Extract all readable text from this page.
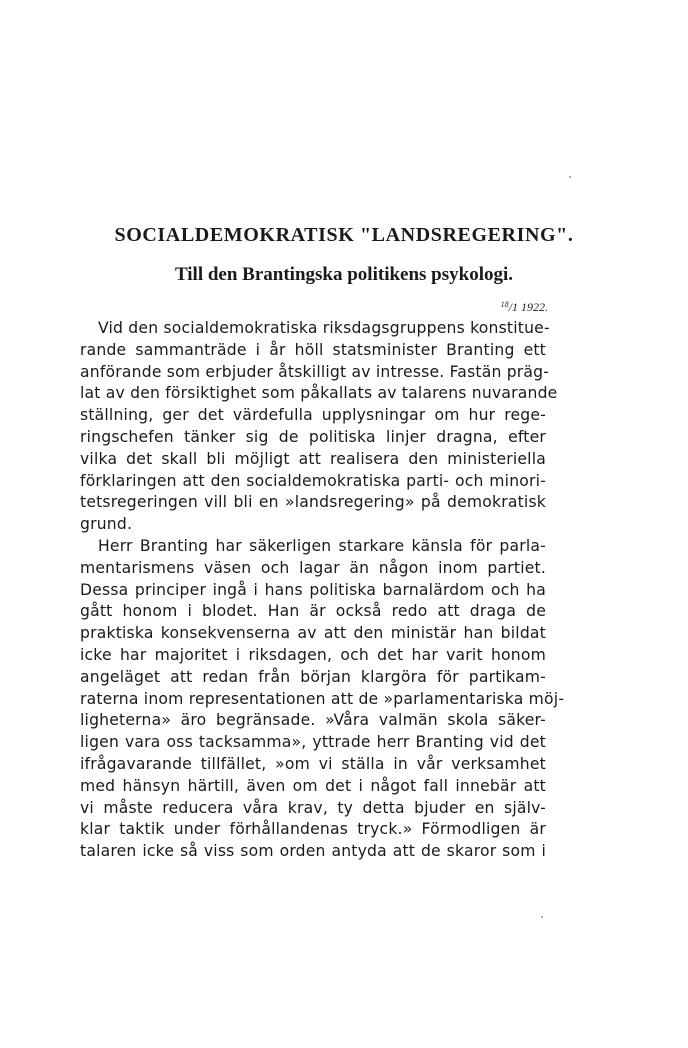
SOCIALDEMOKRATISK "LANDSREGERING".
Till den Brantingska politikens psykologi.

$^{18}$/1 1922.

Vid den socialdemokratiska riksdagsgruppens konstitue-
rande sammanträde i år höll statsminister Branting ett
anförande som erbjuder åtskilligt av intresse. Fastän präg-
lat av den försiktighet som påkallats av talarens nuvarande
ställning, ger det värdefulla upplysningar om hur rege-
ringschefen tänker sig de politiska linjer dragna, efter
vilka det skall bli möjligt att realisera den ministeriella
förklaringen att den socialdemokratiska parti- och minori-
tetsregeringen vill bli en »landsregering» på demokratisk
grund.
Herr Branting har säkerligen starkare känsla för parla-
mentarismens väsen och lagar än någon inom partiet.
Dessa principer ingå i hans politiska barnalärdom och ha
gått honom i blodet. Han är också redo att draga de
praktiska konsekvenserna av att den ministär han bildat
icke har majoritet i riksdagen, och det har varit honom
angeläget att redan från början klargöra för partikam-
raterna inom representationen att de »parlamentariska möj-
ligheterna» äro begränsade. »Våra valmän skola säker-
ligen vara oss tacksamma», yttrade herr Branting vid det
ifrågavarande tillfället, »om vi ställa in vår verksamhet
med hänsyn härtill, även om det i något fall innebär att
vi måste reducera våra krav, ty detta bjuder en själv-
klar taktik under förhållandenas tryck.» Förmodligen är
talaren icke så viss som orden antyda att de skaror som i
